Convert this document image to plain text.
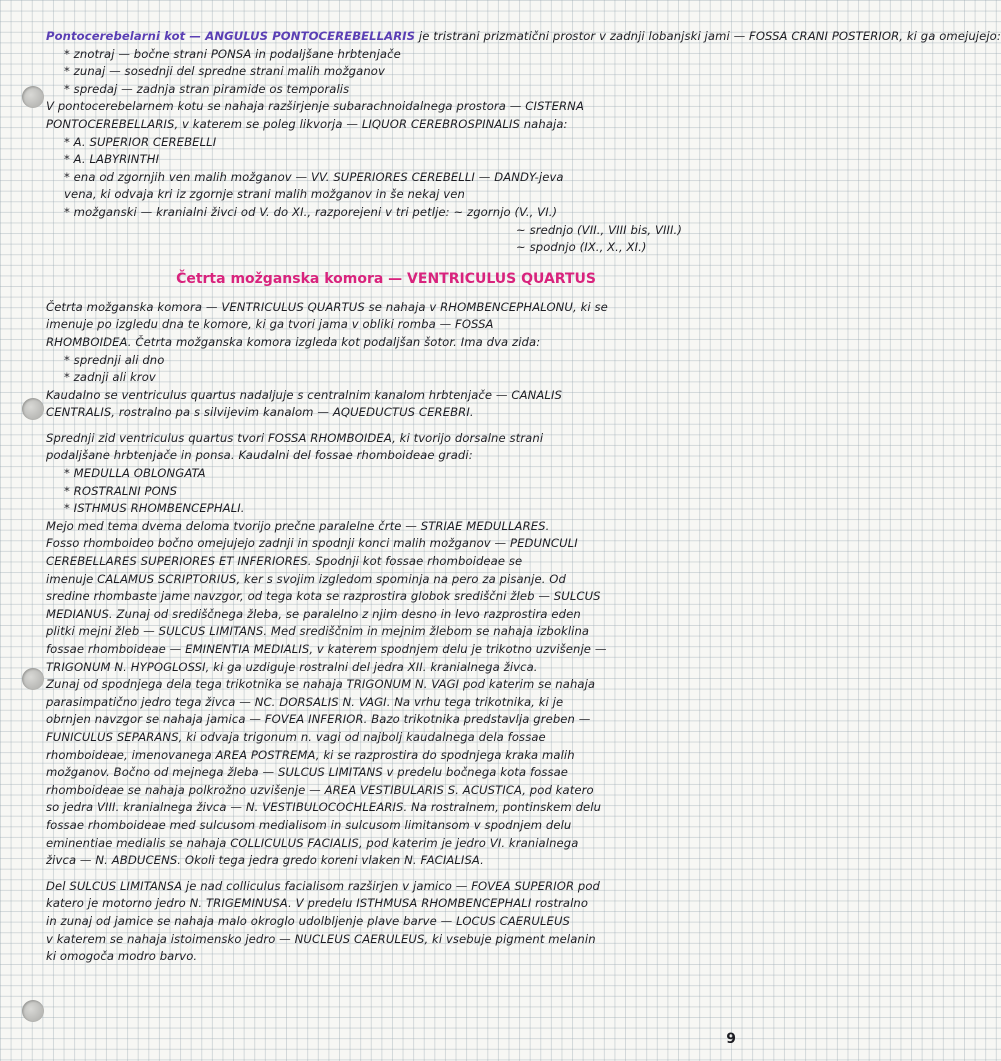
Pontocerebelarni kot — ANGULUS PONTOCEREBELLARIS je tristrani prizmatični prostor v zadnji lobanjski jami — FOSSA CRANI POSTERIOR, ki ga omejujejo:
* znotraj — bočne strani PONSA in podaljšane hrbtenjače
* zunaj — sosednji del spredne strani malih možganov
* spredaj — zadnja stran piramide os temporalis
V pontocerebelarnem kotu se nahaja razširjenje subarachnoidalnega prostora — CISTERNA
PONTOCEREBELLARIS, v katerem se poleg likvorja — LIQUOR CEREBROSPINALIS nahaja:
* A. SUPERIOR CEREBELLI
* A. LABYRINTHI
* ena od zgornjih ven malih možganov — VV. SUPERIORES CEREBELLI — DANDY-jeva
vena, ki odvaja kri iz zgornje strani malih možganov in še nekaj ven
* možganski — kranialni živci od V. do XI., razporejeni v tri petlje: ~ zgornjo (V., VI.)
~ srednjo (VII., VIII bis, VIII.)
~ spodnjo (IX., X., XI.)
Četrta možganska komora — VENTRICULUS QUARTUS
Četrta možganska komora — VENTRICULUS QUARTUS se nahaja v RHOMBENCEPHALONU, ki se
imenuje po izgledu dna te komore, ki ga tvori jama v obliki romba — FOSSA
RHOMBOIDEA. Četrta možganska komora izgleda kot podaljšan šotor. Ima dva zida:
* sprednji ali dno
* zadnji ali krov
Kaudalno se ventriculus quartus nadaljuje s centralnim kanalom hrbtenjače — CANALIS
CENTRALIS, rostralno pa s silvijevim kanalom — AQUEDUCTUS CEREBRI.
Sprednji zid ventriculus quartus tvori FOSSA RHOMBOIDEA, ki tvorijo dorsalne strani
podaljšane hrbtenjače in ponsa. Kaudalni del fossae rhomboideae gradi:
* MEDULLA OBLONGATA
* ROSTRALNI PONS
* ISTHMUS RHOMBENCEPHALI.
Mejo med tema dvema deloma tvorijo prečne paralelne črte — STRIAE MEDULLARES.
Fosso rhomboideo bočno omejujejo zadnji in spodnji konci malih možganov — PEDUNCULI
CEREBELLARES SUPERIORES ET INFERIORES. Spodnji kot fossae rhomboideae se
imenuje CALAMUS SCRIPTORIUS, ker s svojim izgledom spominja na pero za pisanje. Od
sredine rhombaste jame navzgor, od tega kota se razprostira globok središčni žleb — SULCUS
MEDIANUS. Zunaj od središčnega žleba, se paralelno z njim desno in levo razprostira eden
plitki mejni žleb — SULCUS LIMITANS. Med središčnim in mejnim žlebom se nahaja izboklina
fossae rhomboideae — EMINENTIA MEDIALIS, v katerem spodnjem delu je trikotno uzvišenje —
TRIGONUM N. HYPOGLOSSI, ki ga uzdiguje rostralni del jedra XII. kranialnega živca.
Zunaj od spodnjega dela tega trikotnika se nahaja TRIGONUM N. VAGI pod katerim se nahaja
parasimpatično jedro tega živca — NC. DORSALIS N. VAGI. Na vrhu tega trikotnika, ki je
obrnjen navzgor se nahaja jamica — FOVEA INFERIOR. Bazo trikotnika predstavlja greben —
FUNICULUS SEPARANS, ki odvaja trigonum n. vagi od najbolj kaudalnega dela fossae
rhomboideae, imenovanega AREA POSTREMA, ki se razprostira do spodnjega kraka malih
možganov. Bočno od mejnega žleba — SULCUS LIMITANS v predelu bočnega kota fossae
rhomboideae se nahaja polkrožno uzvišenje — AREA VESTIBULARIS S. ACUSTICA, pod katero
so jedra VIII. kranialnega živca — N. VESTIBULOCOCHLEARIS. Na rostralnem, pontinskem delu
fossae rhomboideae med sulcusom medialisom in sulcusom limitansom v spodnjem delu
eminentiae medialis se nahaja COLLICULUS FACIALIS, pod katerim je jedro VI. kranialnega
živca — N. ABDUCENS. Okoli tega jedra gredo koreni vlaken N. FACIALISA.
Del SULCUS LIMITANSA je nad colliculus facialisom razširjen v jamico — FOVEA SUPERIOR pod
katero je motorno jedro N. TRIGEMINUSA. V predelu ISTHMUSA RHOMBENCEPHALI rostralno
in zunaj od jamice se nahaja malo okroglo udolbljenje plave barve — LOCUS CAERULEUS
v katerem se nahaja istoimensko jedro — NUCLEUS CAERULEUS, ki vsebuje pigment melanin
ki omogoča modro barvo.
9
